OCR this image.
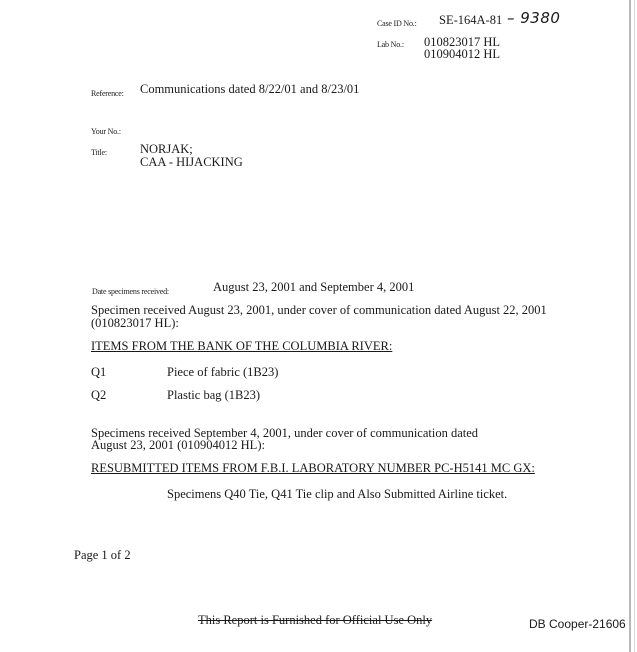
Case ID No.: SE-164A-81 – 9380
Lab No.: 010823017 HL
010904012 HL
Reference: Communications dated 8/22/01 and 8/23/01
Your No.:
Title:	NORJAK;
CAA - HIJACKING
Date specimens received:	August 23, 2001 and September 4, 2001
Specimen received August 23, 2001, under cover of communication dated August 22, 2001
(010823017 HL):
ITEMS FROM THE BANK OF THE COLUMBIA RIVER:
Q1	Piece of fabric (1B23)
Q2	Plastic bag (1B23)
Specimens received September 4, 2001, under cover of communication dated
August 23, 2001 (010904012 HL):
RESUBMITTED ITEMS FROM F.B.I. LABORATORY NUMBER PC-H5141 MC GX:
Specimens Q40 Tie, Q41 Tie clip and Also Submitted Airline ticket.
Page 1 of 2
This Report is Furnished for Official Use Only	DB Cooper-21606
